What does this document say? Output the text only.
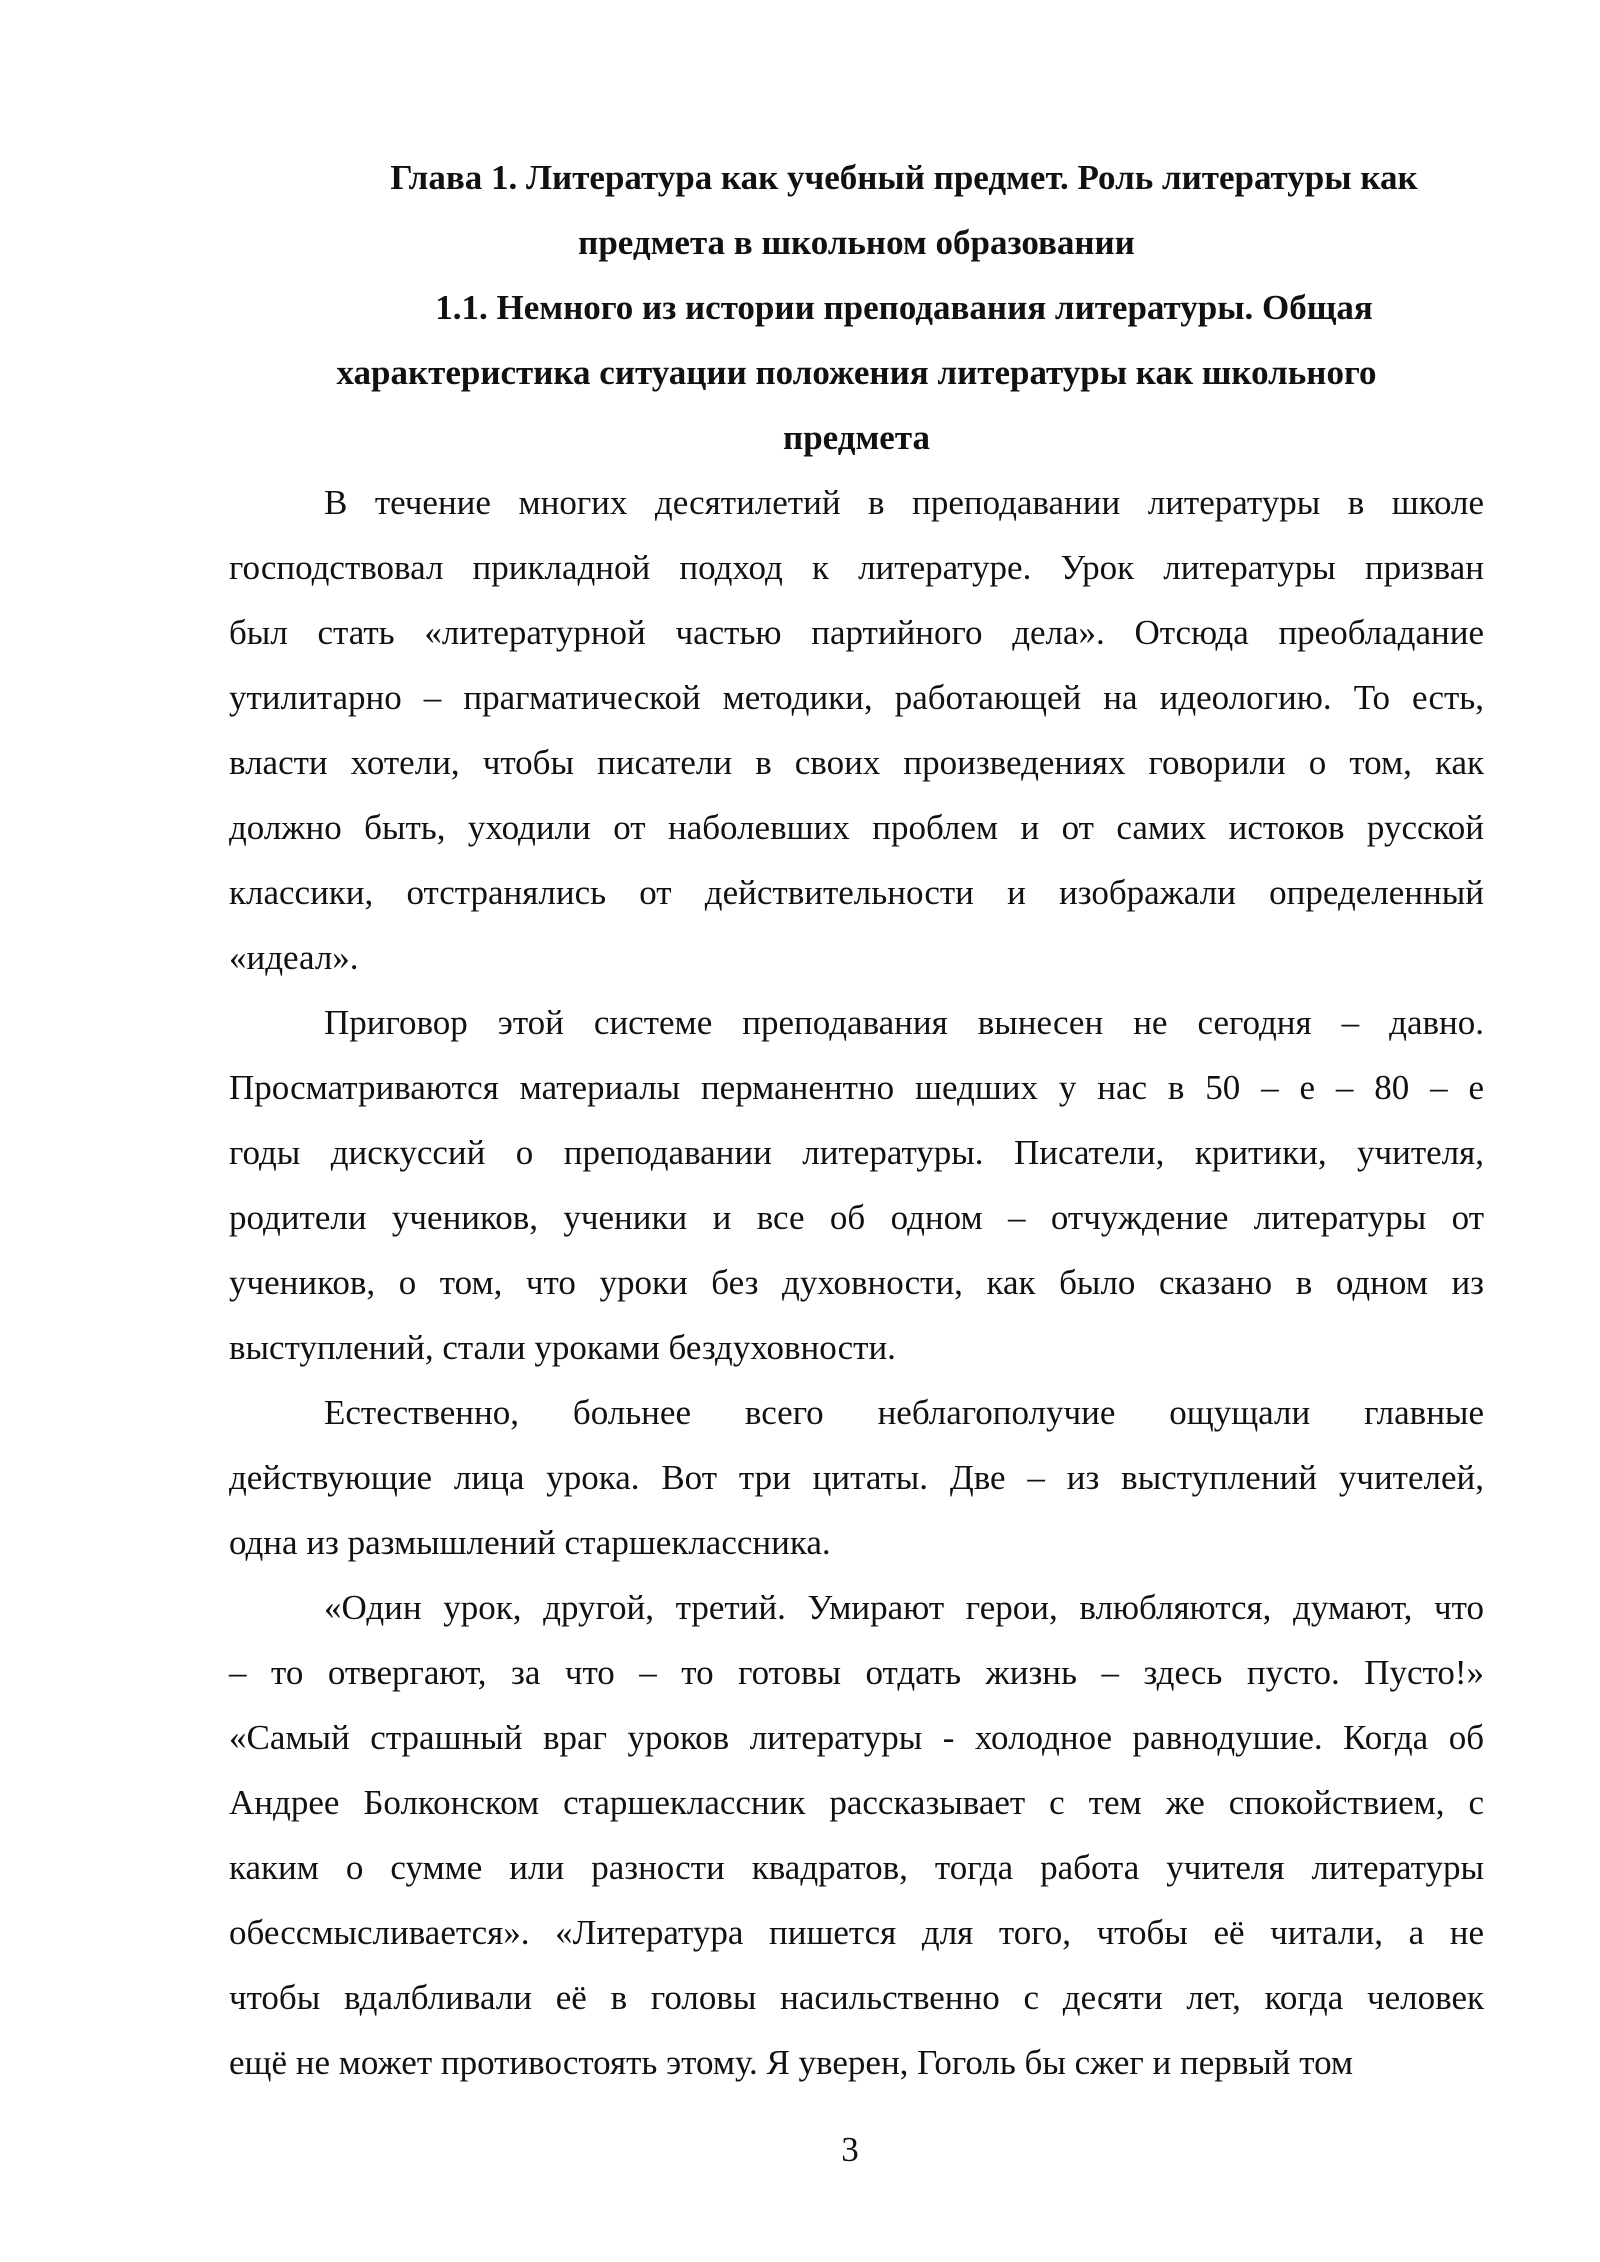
Глава 1. Литература как учебный предмет. Роль литературы как
предмета в школьном образовании
1.1. Немного из истории преподавания литературы. Общая
характеристика ситуации положения литературы как школьного
предмета
В течение многих десятилетий в преподавании литературы в школе
господствовал прикладной подход к литературе. Урок литературы призван
был стать «литературной частью партийного дела». Отсюда преобладание
утилитарно – прагматической методики, работающей на идеологию. То есть,
власти хотели, чтобы писатели в своих произведениях говорили о том, как
должно быть, уходили от наболевших проблем и от самих истоков русской
классики, отстранялись от действительности и изображали определенный
«идеал».
Приговор этой системе преподавания вынесен не сегодня – давно.
Просматриваются материалы перманентно шедших у нас в 50 – е – 80 – е
годы дискуссий о преподавании литературы. Писатели, критики, учителя,
родители учеников, ученики и все об одном – отчуждение литературы от
учеников, о том, что уроки без духовности, как было сказано в одном из
выступлений, стали уроками бездуховности.
Естественно, больнее всего неблагополучие ощущали главные
действующие лица урока. Вот три цитаты. Две – из выступлений учителей,
одна из размышлений старшеклассника.
«Один урок, другой, третий. Умирают герои, влюбляются, думают, что
– то отвергают, за что – то готовы отдать жизнь – здесь пусто. Пусто!»
«Самый страшный враг уроков литературы - холодное равнодушие. Когда об
Андрее Болконском старшеклассник рассказывает с тем же спокойствием, с
каким о сумме или разности квадратов, тогда работа учителя литературы
обессмысливается». «Литература пишется для того, чтобы её читали, а не
чтобы вдалбливали её в головы насильственно с десяти лет, когда человек
ещё не может противостоять этому. Я уверен, Гоголь бы сжег и первый том
3
